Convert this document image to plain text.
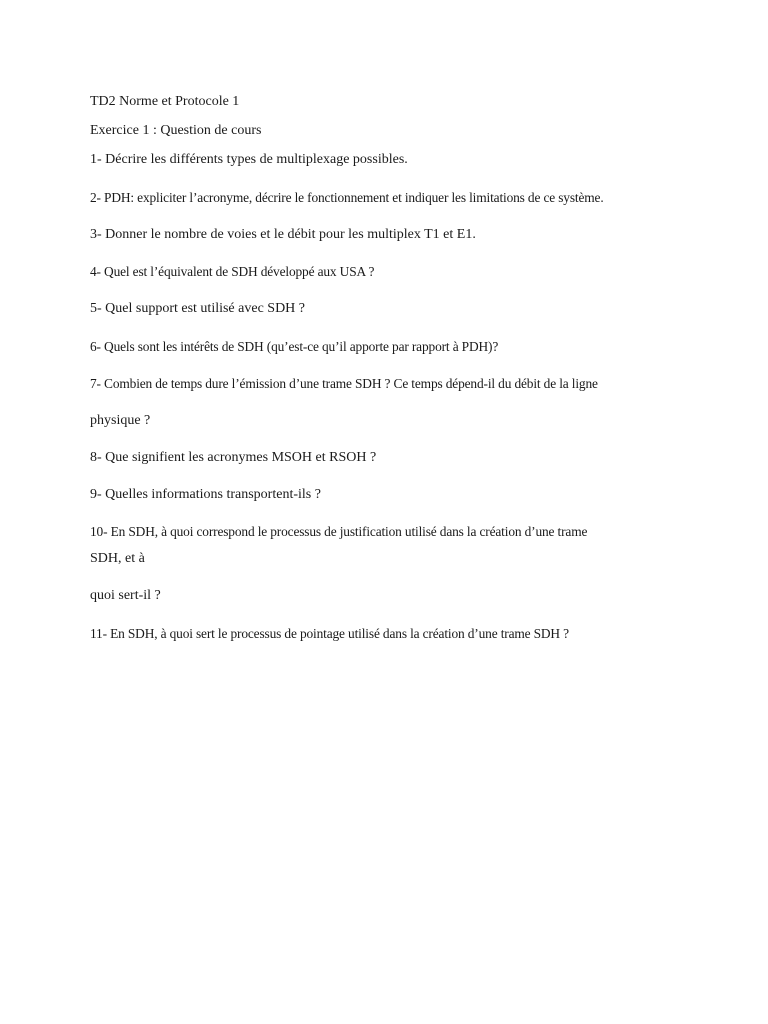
TD2 Norme et Protocole 1
Exercice 1 : Question de cours
1- Décrire les différents types de multiplexage possibles.
2- PDH: expliciter l’acronyme, décrire le fonctionnement et indiquer les limitations de ce système.
3- Donner le nombre de voies et le débit pour les multiplex T1 et E1.
4- Quel est l’équivalent de SDH développé aux USA ?
5- Quel support est utilisé avec SDH ?
6- Quels sont les intérêts de SDH (qu’est-ce qu’il apporte par rapport à PDH)?
7- Combien de temps dure l’émission d’une trame SDH ? Ce temps dépend-il du débit de la ligne
physique ?
8- Que signifient les acronymes MSOH et RSOH ?
9- Quelles informations transportent-ils ?
10- En SDH, à quoi correspond le processus de justification utilisé dans la création d’une trame
SDH, et à
quoi sert-il ?
11- En SDH, à quoi sert le processus de pointage utilisé dans la création d’une trame SDH ?
